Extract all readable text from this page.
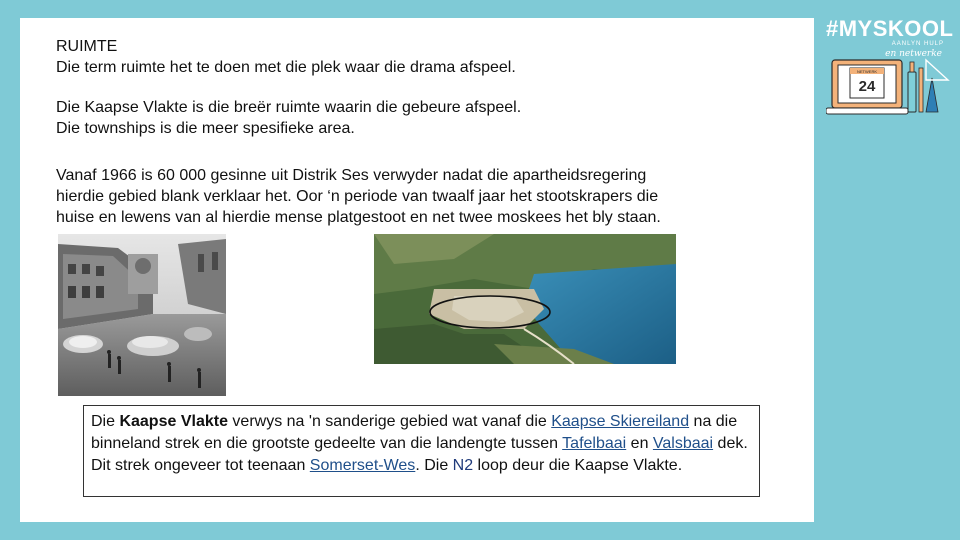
RUIMTE

Die term ruimte het te doen met die plek waar die drama afspeel.

Die Kaapse Vlakte is die breër ruimte waarin die gebeure afspeel.

Die townships is die meer spesifieke area.

Vanaf 1966 is 60 000 gesinne uit Distrik Ses verwyder nadat die apartheidsregering

hierdie gebied blank verklaar het. Oor ‘n periode van twaalf jaar het stootskrapers die

huise en lewens van al hierdie mense platgestoot en net twee moskees het bly staan.

Die Kaapse Vlakte verwys na 'n sanderige gebied wat vanaf die Kaapse Skiereiland na die binneland strek en die grootste gedeelte van die landengte tussen Tafelbaai en Valsbaai dek. Dit strek ongeveer tot teenaan Somerset-Wes. Die N2 loop deur die Kaapse Vlakte.
#MYSKOOL
AANLYN HULP
en netwerke
NETWERK
24
